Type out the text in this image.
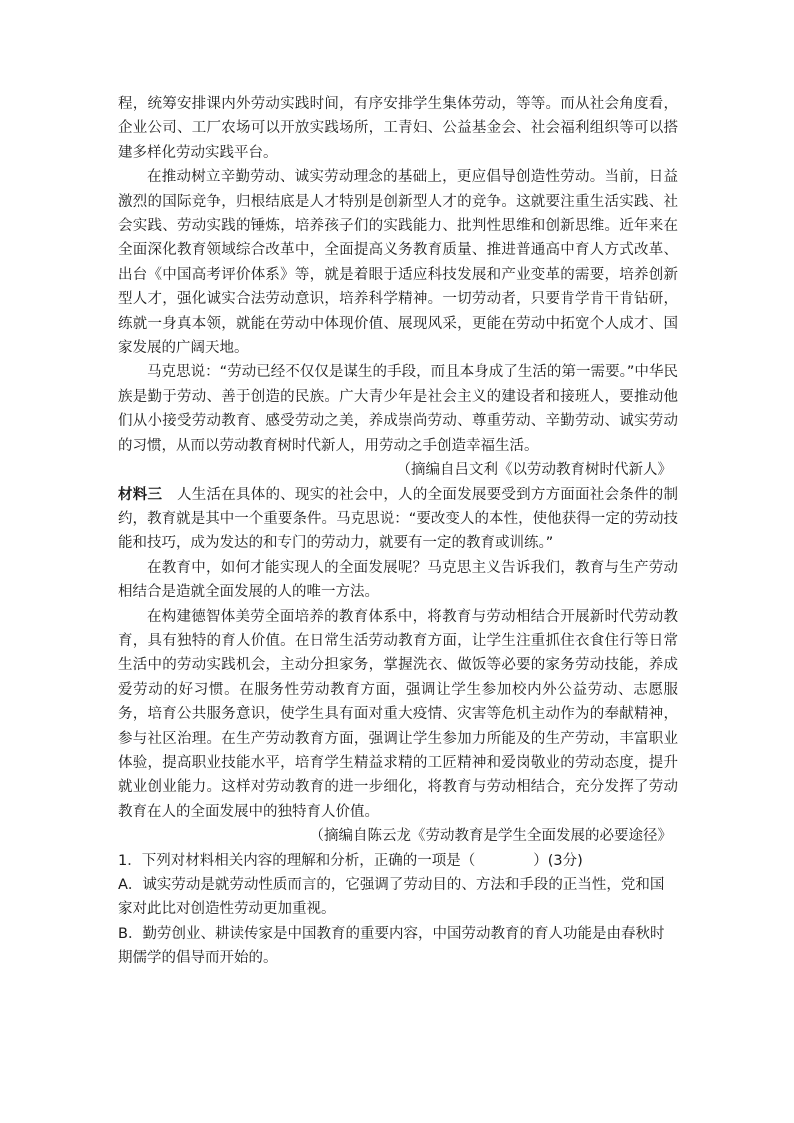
程，统筹安排课内外劳动实践时间，有序安排学生集体劳动，等等。而从社会角度看，企业公司、工厂农场可以开放实践场所，工青妇、公益基金会、社会福利组织等可以搭建多样化劳动实践平台。

在推动树立辛勤劳动、诚实劳动理念的基础上，更应倡导创造性劳动。当前，日益激烈的国际竞争，归根结底是人才特别是创新型人才的竞争。这就要注重生活实践、社会实践、劳动实践的锤炼，培养孩子们的实践能力、批判性思维和创新思维。近年来在全面深化教育领域综合改革中，全面提高义务教育质量、推进普通高中育人方式改革、出台《中国高考评价体系》等，就是着眼于适应科技发展和产业变革的需要，培养创新型人才，强化诚实合法劳动意识，培养科学精神。一切劳动者，只要肯学肯干肯钻研，练就一身真本领，就能在劳动中体现价值、展现风采，更能在劳动中拓宽个人成才、国家发展的广阔天地。

马克思说：“劳动已经不仅仅是谋生的手段，而且本身成了生活的第一需要。”中华民族是勤于劳动、善于创造的民族。广大青少年是社会主义的建设者和接班人，要推动他们从小接受劳动教育、感受劳动之美，养成崇尚劳动、尊重劳动、辛勤劳动、诚实劳动的习惯，从而以劳动教育树时代新人，用劳动之手创造幸福生活。

（摘编自吕文利《以劳动教育树时代新人》

材料三　 人生活在具体的、现实的社会中，人的全面发展要受到方方面面社会条件的制约，教育就是其中一个重要条件。马克思说：“要改变人的本性，使他获得一定的劳动技能和技巧，成为发达的和专门的劳动力，就要有一定的教育或训练。”

在教育中，如何才能实现人的全面发展呢？马克思主义告诉我们，教育与生产劳动相结合是造就全面发展的人的唯一方法。

在构建德智体美劳全面培养的教育体系中，将教育与劳动相结合开展新时代劳动教育，具有独特的育人价值。在日常生活劳动教育方面，让学生注重抓住衣食住行等日常生活中的劳动实践机会，主动分担家务，掌握洗衣、做饭等必要的家务劳动技能，养成爱劳动的好习惯。在服务性劳动教育方面，强调让学生参加校内外公益劳动、志愿服务，培育公共服务意识，使学生具有面对重大疫情、灾害等危机主动作为的奉献精神，参与社区治理。在生产劳动教育方面，强调让学生参加力所能及的生产劳动，丰富职业体验，提高职业技能水平，培育学生精益求精的工匠精神和爱岗敬业的劳动态度，提升就业创业能力。这样对劳动教育的进一步细化，将教育与劳动相结合，充分发挥了劳动教育在人的全面发展中的独特育人价值。

（摘编自陈云龙《劳动教育是学生全面发展的必要途径》

1．下列对材料相关内容的理解和分析，正确的一项是（　　　　）(3分)

A．诚实劳动是就劳动性质而言的，它强调了劳动目的、方法和手段的正当性，党和国家对此比对创造性劳动更加重视。

B．勤劳创业、耕读传家是中国教育的重要内容，中国劳动教育的育人功能是由春秋时期儒学的倡导而开始的。
